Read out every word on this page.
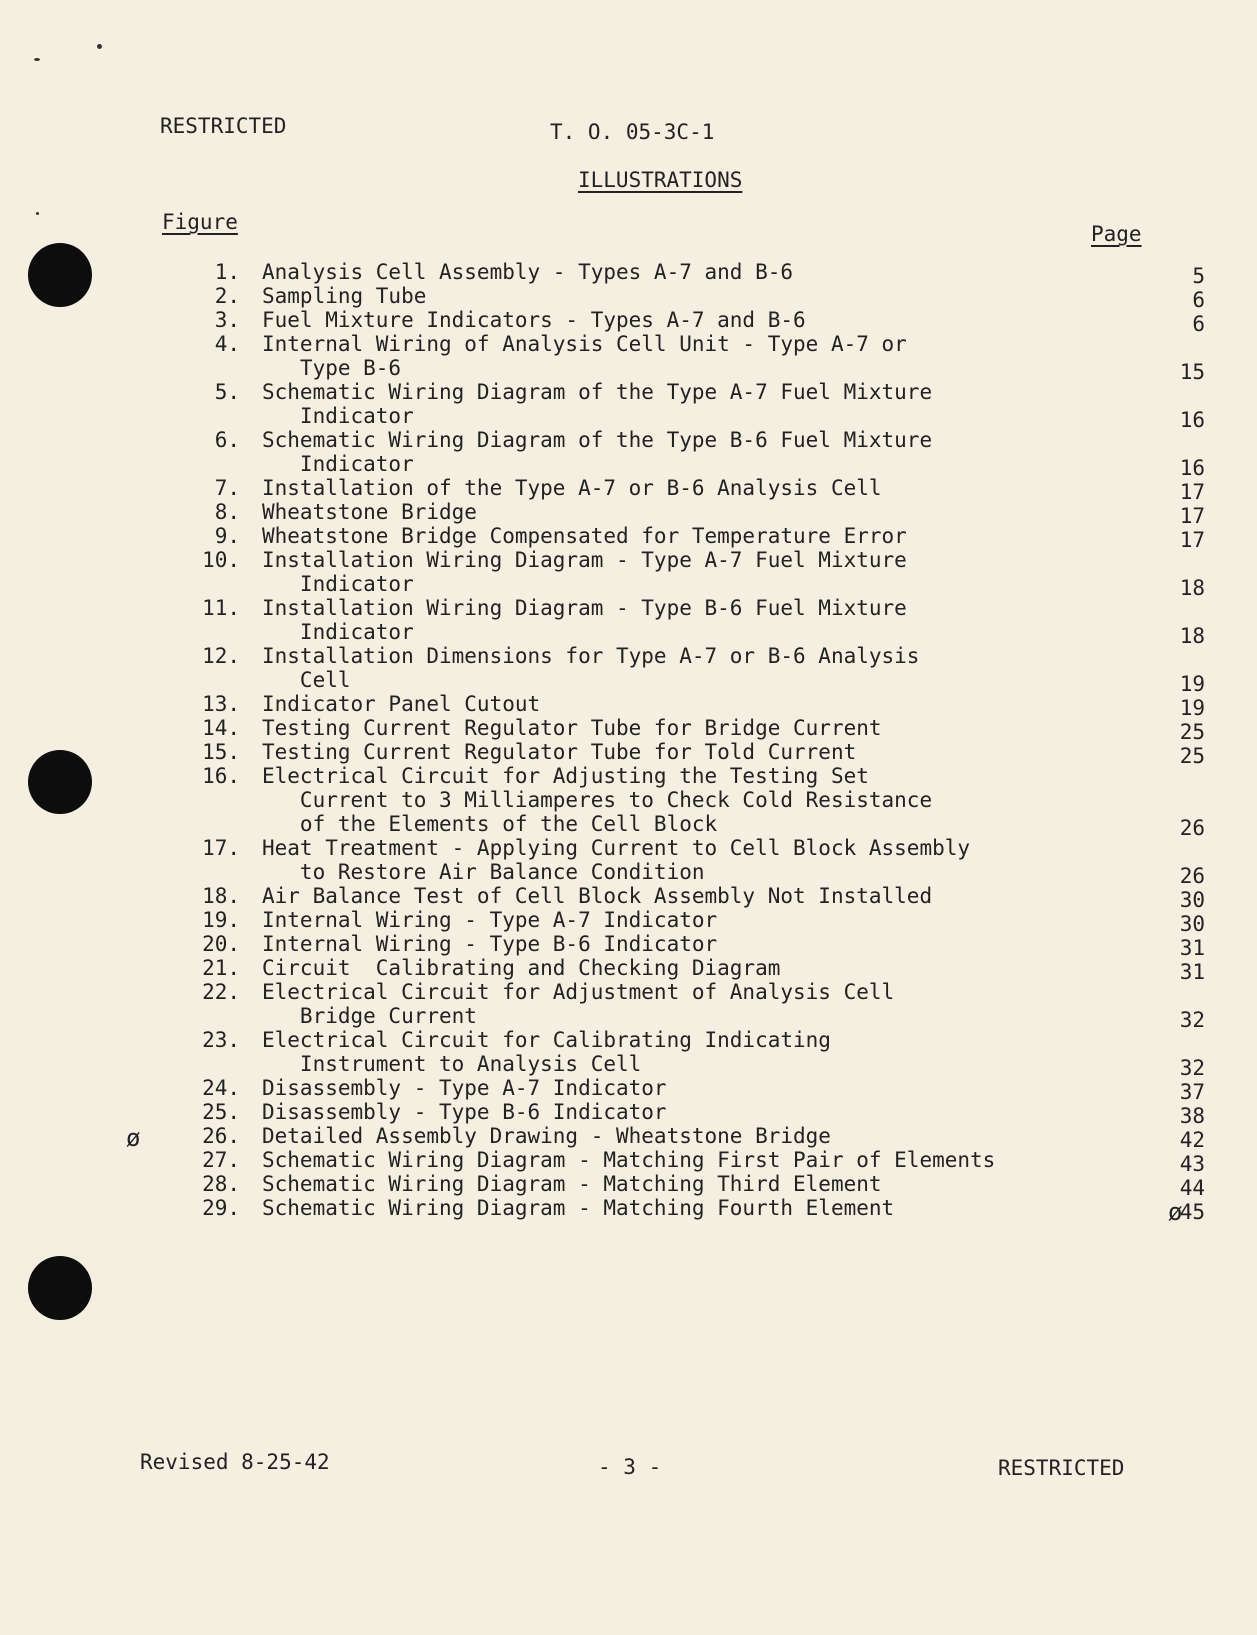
RESTRICTED	T. O. 05-3C-1
ILLUSTRATIONS
Figure	Page
1. Analysis Cell Assembly - Types A-7 and B-6	5
2. Sampling Tube	6
3. Fuel Mixture Indicators - Types A-7 and B-6	6
4. Internal Wiring of Analysis Cell Unit - Type A-7 or
Type B-6	15
5. Schematic Wiring Diagram of the Type A-7 Fuel Mixture
Indicator	16
6. Schematic Wiring Diagram of the Type B-6 Fuel Mixture
Indicator	16
7. Installation of the Type A-7 or B-6 Analysis Cell	17
8. Wheatstone Bridge	17
9. Wheatstone Bridge Compensated for Temperature Error	17
10. Installation Wiring Diagram - Type A-7 Fuel Mixture
Indicator	18
11. Installation Wiring Diagram - Type B-6 Fuel Mixture
Indicator	18
12. Installation Dimensions for Type A-7 or B-6 Analysis
Cell	19
13. Indicator Panel Cutout	19
14. Testing Current Regulator Tube for Bridge Current	25
15. Testing Current Regulator Tube for Told Current	25
16. Electrical Circuit for Adjusting the Testing Set
Current to 3 Milliamperes to Check Cold Resistance
of the Elements of the Cell Block	26
17. Heat Treatment - Applying Current to Cell Block Assembly
to Restore Air Balance Condition	26
18. Air Balance Test of Cell Block Assembly Not Installed	30
19. Internal Wiring - Type A-7 Indicator	30
20. Internal Wiring - Type B-6 Indicator	31
21. Circuit  Calibrating and Checking Diagram	31
22. Electrical Circuit for Adjustment of Analysis Cell
Bridge Current	32
23. Electrical Circuit for Calibrating Indicating
Instrument to Analysis Cell	32
24. Disassembly - Type A-7 Indicator	37
25. Disassembly - Type B-6 Indicator	38
26. Detailed Assembly Drawing - Wheatstone Bridge	42
27. Schematic Wiring Diagram - Matching First Pair of Elements	43
28. Schematic Wiring Diagram - Matching Third Element	44
29. Schematic Wiring Diagram - Matching Fourth Element	45
ø
ø
Revised 8-25-42	- 3 -	RESTRICTED
